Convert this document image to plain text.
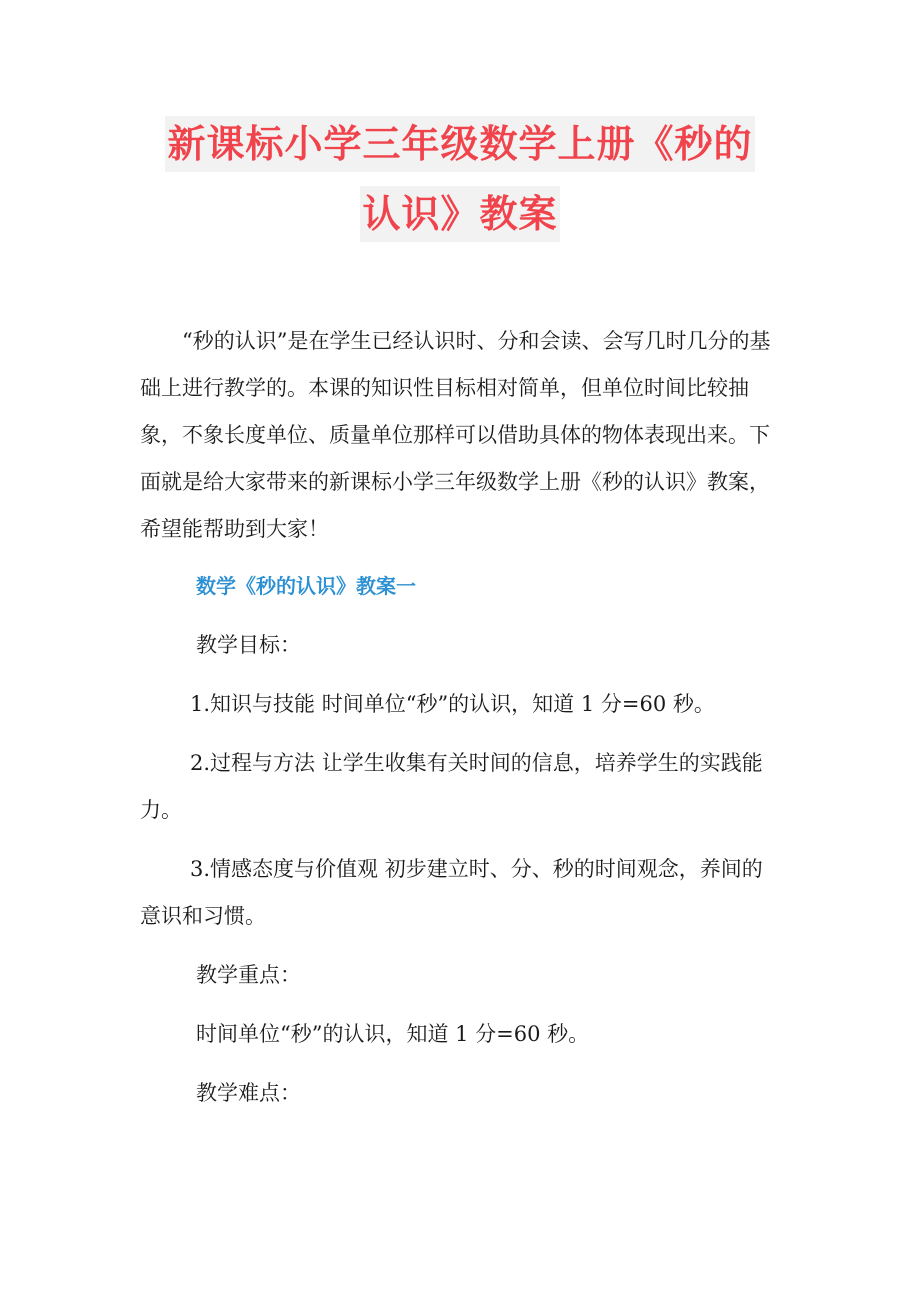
新课标小学三年级数学上册《秒的
认识》教案

“秒的认识”是在学生已经认识时、分和会读、会写几时几分的基础上进行教学的。本课的知识性目标相对简单，但单位时间比较抽象，不象长度单位、质量单位那样可以借助具体的物体表现出来。下面就是给大家带来的新课标小学三年级数学上册《秒的认识》教案，希望能帮助到大家！

数学《秒的认识》教案一

教学目标：

1.知识与技能 时间单位“秒”的认识，知道 1 分=60 秒。

2.过程与方法 让学生收集有关时间的信息，培养学生的实践能力。

3.情感态度与价值观 初步建立时、分、秒的时间观念，养间的意识和习惯。

教学重点：

时间单位“秒”的认识，知道 1 分=60 秒。

教学难点：
